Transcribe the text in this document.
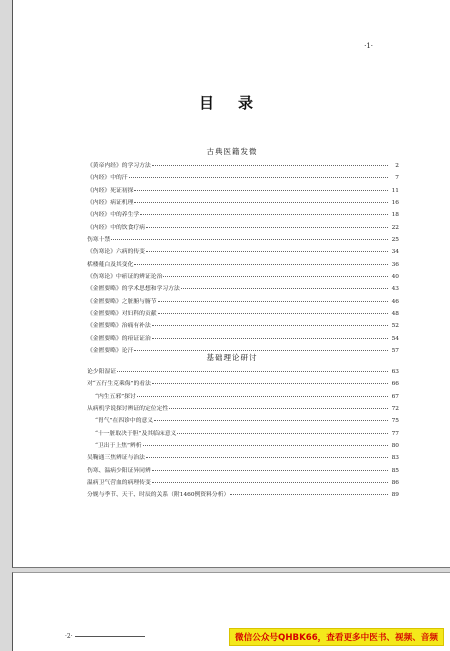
·1·
目录
古典医籍发微
《黄帝内经》的学习方法	2
《内经》中的汗	7
《内经》死证初探	11
《内经》病证机理	16
《内经》中的养生学	18
《内经》中的饮食疗病	22
伤寒十禁	25
《伤寒论》六病的传变	34
栝楼薤白及其变化	36
《伤寒论》中瘀证的辨证论治	40
《金匮要略》的学术思想和学习方法	43
《金匮要略》之脏腑与腑节	46
《金匮要略》对妇科的贡献	48
《金匮要略》治痛有补法	52
《金匮要略》的疳证证治	54
《金匮要略》论汗	57
基础理论研讨
论少阳湿证	63
对“五行生克乘侮”的看法	66
“内生五邪”探讨	67
从病机学说探讨辨证的定位定性	72
“胃气”在四诊中的意义	75
“十一脏取决于胆”及其临床意义	77
“卫出于上焦”辨析	80
吴鞠通三焦辨证与治法	83
伤寒、温病少阳证异同辨	85
温病卫气营血的病理传变	86
分娩与季节、天干、时辰的关系（附1460例资料分析）	89
·2·	微信公众号QHBK66，查看更多中医书、视频、音频
